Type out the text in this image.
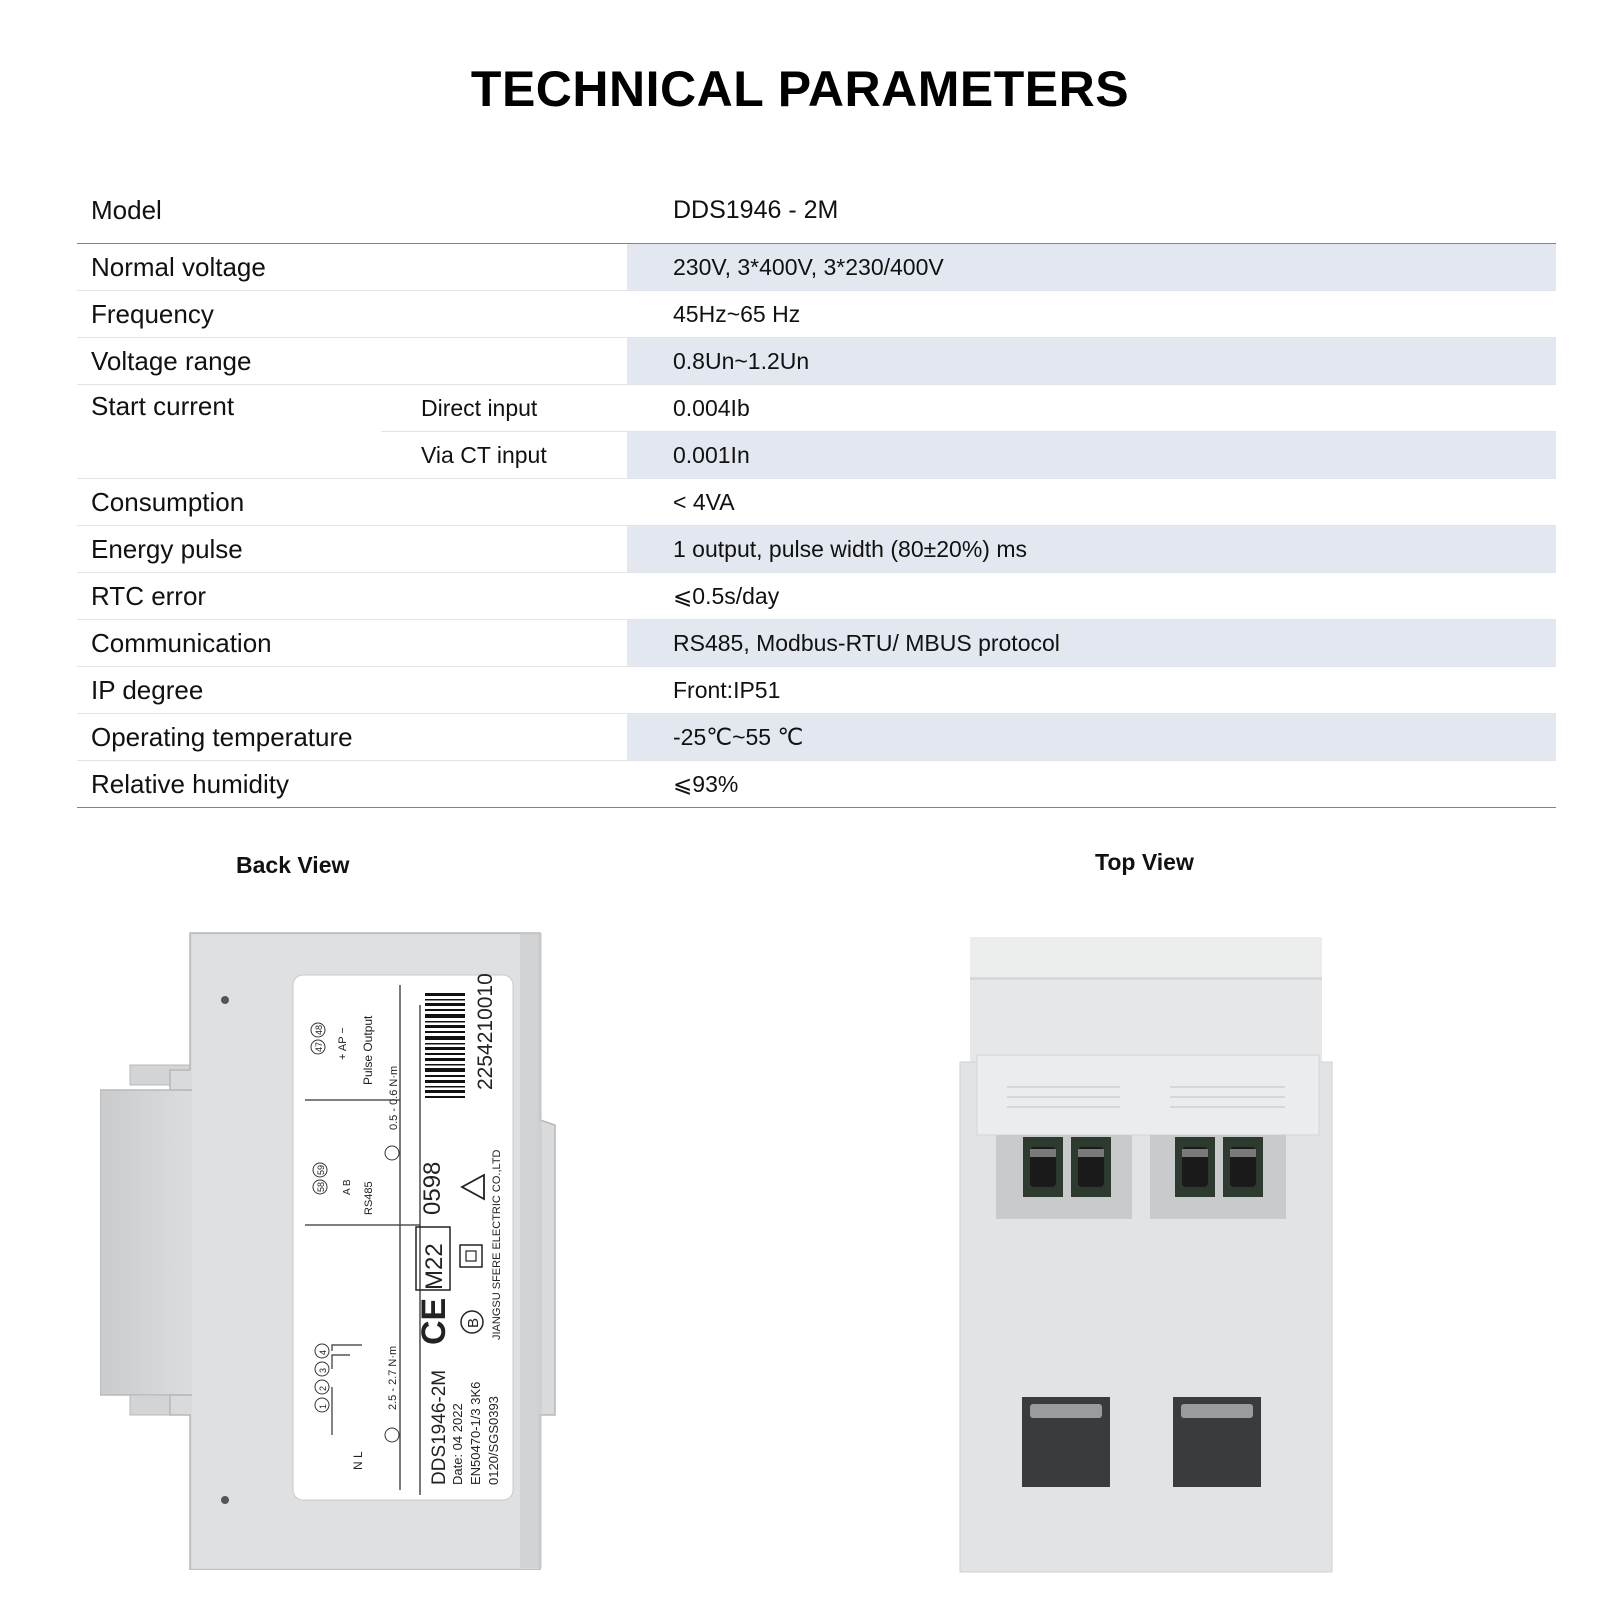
TECHNICAL PARAMETERS
Model	DDS1946 - 2M
Normal voltage	230V, 3*400V, 3*230/400V
Frequency	45Hz~65 Hz
Voltage range	0.8Un~1.2Un
Start current	Direct input	0.004Ib
Via CT input	0.001In
Consumption	< 4VA
Energy pulse	1 output, pulse width (80±20%) ms
RTC error	⩽0.5s/day
Communication	RS485, Modbus-RTU/ MBUS protocol
IP degree	Front:IP51
Operating temperature	-25℃~55 ℃
Relative humidity	⩽93%
Back View	Top View
2254210010
0598
M22	JIANGSU SFERE ELECTRIC CO.,LTD
CE B
DDS1946-2M Date: 04 2022 EN50470-1/3 3K6 0120/SGS0393
Pulse Output
+ AP −
47
48
0.5 - 0.6 N·m
RS485
A B
58
59
2.5 - 2.7 N·m
1
2
3
4
N L
